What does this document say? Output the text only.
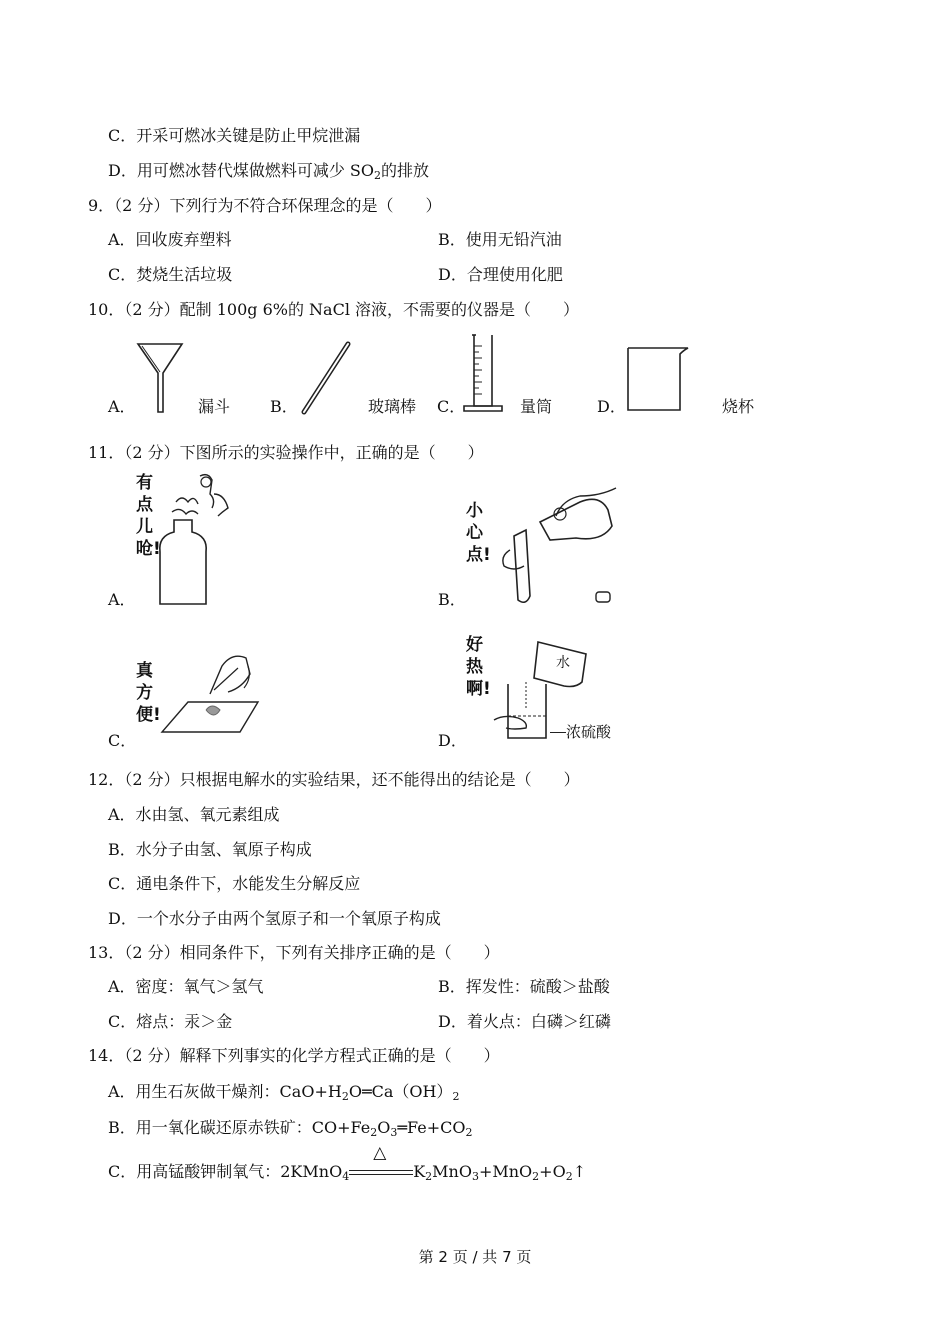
C．开采可燃冰关键是防止甲烷泄漏
D．用可燃冰替代煤做燃料可减少 $SO_2$的排放
9．（2 分）下列行为不符合环保理念的是（　　）
A．回收废弃塑料	B．使用无铅汽油
C．焚烧生活垃圾	D．合理使用化肥
10．（2 分）配制 100g 6%的 NaCl 溶液，不需要的仪器是（　　）
A．	漏斗 B．	玻璃棒 C．	量筒	D．	烧杯
11．（2 分）下图所示的实验操作中，正确的是（　　）
A．
有点儿呛!
B．
小心点!
C．
真方便!
D．
好热啊!
水
浓硫酸
12．（2 分）只根据电解水的实验结果，还不能得出的结论是（　　）
A．水由氢、氧元素组成
B．水分子由氢、氧原子构成
C．通电条件下，水能发生分解反应
D．一个水分子由两个氢原子和一个氧原子构成
13．（2 分）相同条件下，下列有关排序正确的是（　　）
A．密度：氧气＞氢气	B．挥发性：硫酸＞盐酸
C．熔点：汞＞金	D．着火点：白磷＞红磷
14．（2 分）解释下列事实的化学方程式正确的是（　　）
A．用生石灰做干燥剂：$CaO+H_2O═Ca(OH)_2$
B．用一氧化碳还原赤铁矿：$CO+Fe_2O_3═Fe+CO_2$
C．用高锰酸钾制氧气：2KMnO$_4$
△
$K_2MnO_3+MnO_2+O_2↑$
第 2 页 / 共 7 页
